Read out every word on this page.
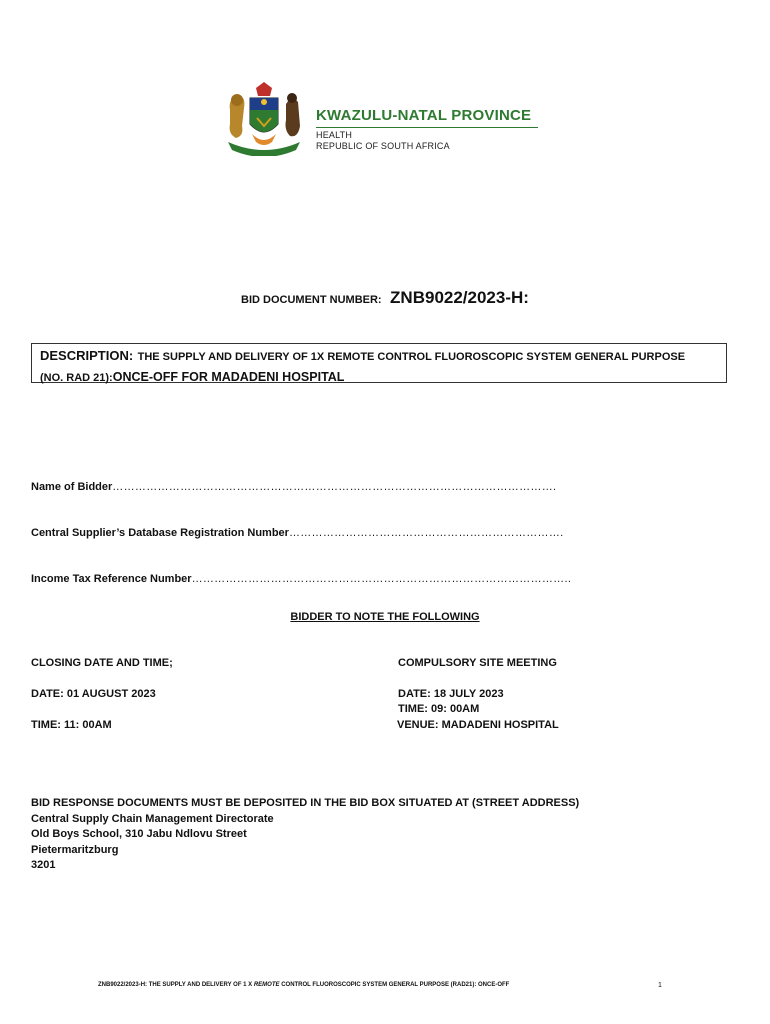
KWAZULU-NATAL PROVINCE
HEALTH
REPUBLIC OF SOUTH AFRICA
BID DOCUMENT NUMBER: ZNB9022/2023-H:
DESCRIPTION: THE SUPPLY AND DELIVERY OF 1X REMOTE CONTROL FLUOROSCOPIC SYSTEM GENERAL PURPOSE
(NO. RAD 21):ONCE-OFF FOR MADADENI HOSPITAL
Name of Bidder……………………………………………………………………………………………………….
Central Supplier’s Database Registration Number……………………………………………………………….
Income Tax Reference Number………………………………………………………………………………………..
BIDDER TO NOTE THE FOLLOWING
CLOSING DATE AND TIME;
DATE: 01 AUGUST 2023
TIME: 11: 00AM
COMPULSORY SITE MEETING
DATE: 18 JULY 2023
TIME: 09: 00AM
VENUE: MADADENI HOSPITAL
BID RESPONSE DOCUMENTS MUST BE DEPOSITED IN THE BID BOX SITUATED AT (STREET ADDRESS)
Central Supply Chain Management Directorate
Old Boys School, 310 Jabu Ndlovu Street
Pietermaritzburg
3201
ZNB9022/2023-H: THE SUPPLY AND DELIVERY OF 1 X REMOTE CONTROL FLUOROSCOPIC SYSTEM GENERAL PURPOSE (RAD21): ONCE-OFF	1
